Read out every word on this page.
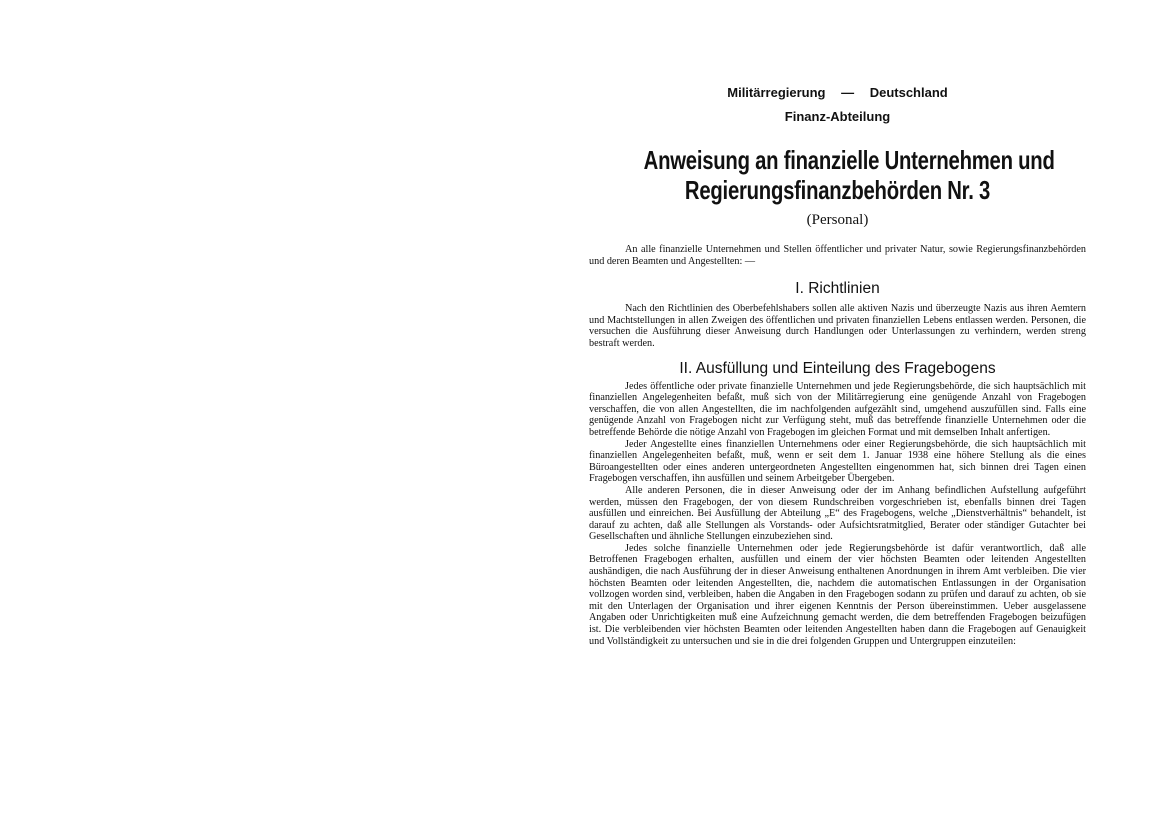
Militärregierung — Deutschland
Finanz-Abteilung
Anweisung an finanzielle Unternehmen und
Regierungsfinanzbehörden Nr. 3
(Personal)

An alle finanzielle Unternehmen und Stellen öffentlicher und privater Natur, sowie Regierungsfinanzbehörden und deren Beamten und Angestellten: —

I. Richtlinien

Nach den Richtlinien des Oberbefehlshabers sollen alle aktiven Nazis und überzeugte Nazis aus ihren Aemtern und Machtstellungen in allen Zweigen des öffentlichen und privaten finanziellen Lebens entlassen werden. Personen, die versuchen die Ausführung dieser Anweisung durch Handlungen oder Unterlassungen zu verhindern, werden streng bestraft werden.

II. Ausfüllung und Einteilung des Fragebogens

Jedes öffentliche oder private finanzielle Unternehmen und jede Regierungsbehörde, die sich hauptsächlich mit finanziellen Angelegenheiten befaßt, muß sich von der Militärregierung eine genügende Anzahl von Fragebogen verschaffen, die von allen Angestellten, die im nachfolgenden aufgezählt sind, umgehend auszufüllen sind. Falls eine genügende Anzahl von Fragebogen nicht zur Verfügung steht, muß das betreffende finanzielle Unternehmen oder die betreffende Behörde die nötige Anzahl von Fragebogen im gleichen Format und mit demselben Inhalt anfertigen.

Jeder Angestellte eines finanziellen Unternehmens oder einer Regierungsbehörde, die sich hauptsächlich mit finanziellen Angelegenheiten befaßt, muß, wenn er seit dem 1. Januar 1938 eine höhere Stellung als die eines Büroangestellten oder eines anderen untergeordneten Angestellten eingenommen hat, sich binnen drei Tagen einen Fragebogen verschaffen, ihn ausfüllen und seinem Arbeitgeber Übergeben.

Alle anderen Personen, die in dieser Anweisung oder der im Anhang befindlichen Aufstellung aufgeführt werden, müssen den Fragebogen, der von diesem Rundschreiben vorgeschrieben ist, ebenfalls binnen drei Tagen ausfüllen und einreichen. Bei Ausfüllung der Abteilung „E“ des Fragebogens, welche „Dienstverhältnis“ behandelt, ist darauf zu achten, daß alle Stellungen als Vorstands- oder Aufsichtsratmitglied, Berater oder ständiger Gutachter bei Gesellschaften und ähnliche Stellungen einzubeziehen sind.

Jedes solche finanzielle Unternehmen oder jede Regierungsbehörde ist dafür verantwortlich, daß alle Betroffenen Fragebogen erhalten, ausfüllen und einem der vier höchsten Beamten oder leitenden Angestellten aushändigen, die nach Ausführung der in dieser Anweisung enthaltenen Anordnungen in ihrem Amt verbleiben. Die vier höchsten Beamten oder leitenden Angestellten, die, nachdem die automatischen Entlassungen in der Organisation vollzogen worden sind, verbleiben, haben die Angaben in den Fragebogen sodann zu prüfen und darauf zu achten, ob sie mit den Unterlagen der Organisation und ihrer eigenen Kenntnis der Person übereinstimmen. Ueber ausgelassene Angaben oder Unrichtigkeiten muß eine Aufzeichnung gemacht werden, die dem betreffenden Fragebogen beizufügen ist. Die verbleibenden vier höchsten Beamten oder leitenden Angestellten haben dann die Fragebogen auf Genauigkeit und Vollständigkeit zu untersuchen und sie in die drei folgenden Gruppen und Untergruppen einzuteilen:
